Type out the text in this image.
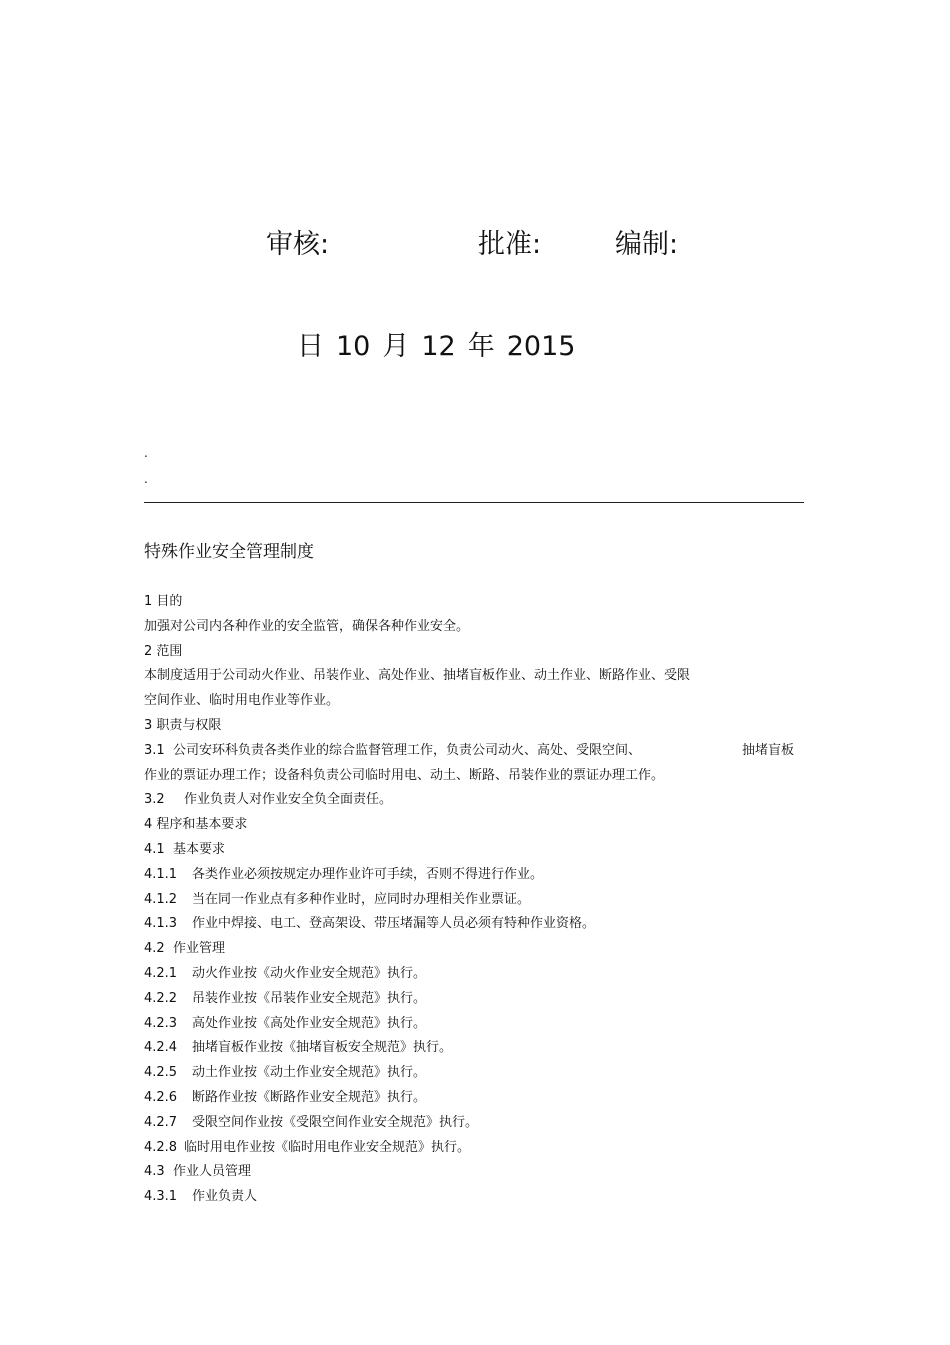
审核:	批准:	编制:
日 10 月 12 年 2015
.
.
特殊作业安全管理制度
1 目的
加强对公司内各种作业的安全监管，确保各种作业安全。
2 范围
本制度适用于公司动火作业、吊装作业、高处作业、抽堵盲板作业、动土作业、断路作业、受限
空间作业、临时用电作业等作业。
3 职责与权限
3.1 公司安环科负责各类作业的综合监督管理工作，负责公司动火、高处、受限空间、	抽堵盲板
作业的票证办理工作；设备科负责公司临时用电、动土、断路、吊装作业的票证办理工作。
3.2 作业负责人对作业安全负全面责任。
4 程序和基本要求
4.1 基本要求
4.1.1 各类作业必须按规定办理作业许可手续，否则不得进行作业。
4.1.2 当在同一作业点有多种作业时，应同时办理相关作业票证。
4.1.3 作业中焊接、电工、登高架设、带压堵漏等人员必须有特种作业资格。
4.2 作业管理
4.2.1 动火作业按《动火作业安全规范》执行。
4.2.2 吊装作业按《吊装作业安全规范》执行。
4.2.3 高处作业按《高处作业安全规范》执行。
4.2.4 抽堵盲板作业按《抽堵盲板安全规范》执行。
4.2.5 动土作业按《动土作业安全规范》执行。
4.2.6 断路作业按《断路作业安全规范》执行。
4.2.7 受限空间作业按《受限空间作业安全规范》执行。
4.2.8 临时用电作业按《临时用电作业安全规范》执行。
4.3 作业人员管理
4.3.1 作业负责人
